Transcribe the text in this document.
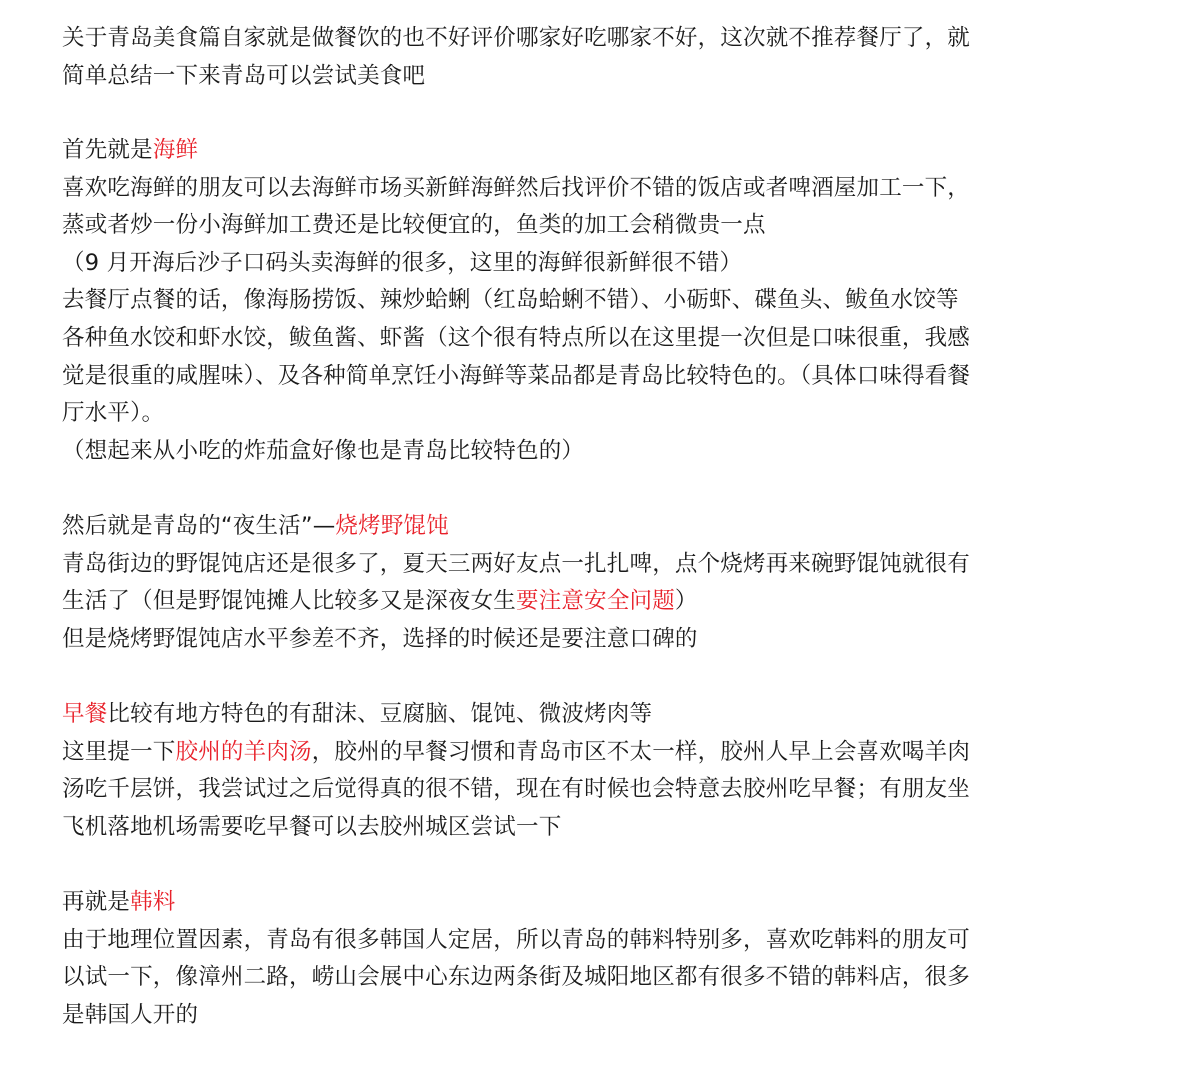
关于青岛美食篇自家就是做餐饮的也不好评价哪家好吃哪家不好，这次就不推荐餐厅了，就
简单总结一下来青岛可以尝试美食吧
首先就是海鲜
喜欢吃海鲜的朋友可以去海鲜市场买新鲜海鲜然后找评价不错的饭店或者啤酒屋加工一下，
蒸或者炒一份小海鲜加工费还是比较便宜的，鱼类的加工会稍微贵一点
（9 月开海后沙子口码头卖海鲜的很多，这里的海鲜很新鲜很不错）
去餐厅点餐的话，像海肠捞饭、辣炒蛤蜊（红岛蛤蜊不错）、小砺虾、碟鱼头、鲅鱼水饺等
各种鱼水饺和虾水饺，鲅鱼酱、虾酱（这个很有特点所以在这里提一次但是口味很重，我感
觉是很重的咸腥味）、及各种简单烹饪小海鲜等菜品都是青岛比较特色的。（具体口味得看餐
厅水平）。
（想起来从小吃的炸茄盒好像也是青岛比较特色的）
然后就是青岛的“夜生活”—烧烤野馄饨
青岛街边的野馄饨店还是很多了，夏天三两好友点一扎扎啤，点个烧烤再来碗野馄饨就很有
生活了（但是野馄饨摊人比较多又是深夜女生要注意安全问题）
但是烧烤野馄饨店水平参差不齐，选择的时候还是要注意口碑的
早餐比较有地方特色的有甜沫、豆腐脑、馄饨、微波烤肉等
这里提一下胶州的羊肉汤，胶州的早餐习惯和青岛市区不太一样，胶州人早上会喜欢喝羊肉
汤吃千层饼，我尝试过之后觉得真的很不错，现在有时候也会特意去胶州吃早餐；有朋友坐
飞机落地机场需要吃早餐可以去胶州城区尝试一下
再就是韩料
由于地理位置因素，青岛有很多韩国人定居，所以青岛的韩料特别多，喜欢吃韩料的朋友可
以试一下，像漳州二路，崂山会展中心东边两条街及城阳地区都有很多不错的韩料店，很多
是韩国人开的
